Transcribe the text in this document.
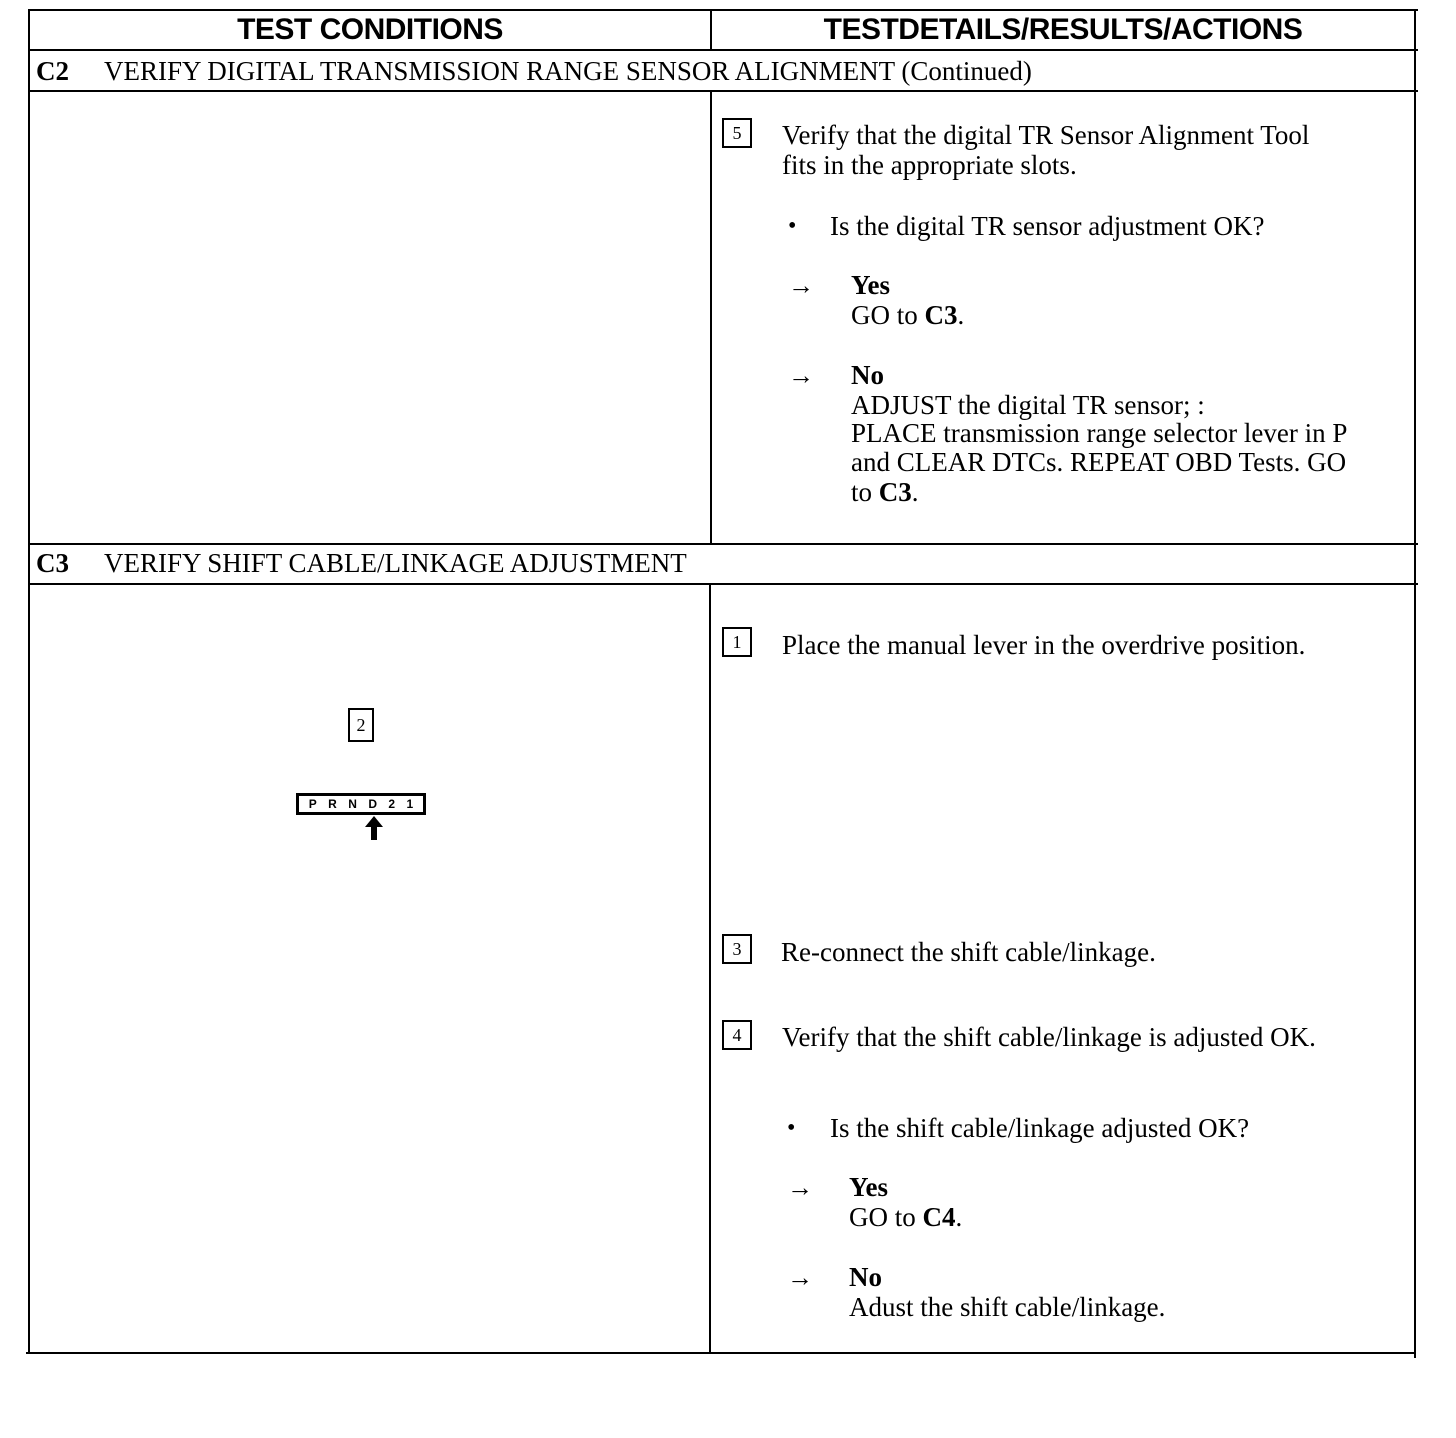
TEST CONDITIONS	TESTDETAILS/RESULTS/ACTIONS
C2 VERIFY DIGITAL TRANSMISSION RANGE SENSOR ALIGNMENT (Continued)
5	Verify that the digital TR Sensor Alignment Tool
fits in the appropriate slots.
• Is the digital TR sensor adjustment OK?
→ Yes
GO to C3.
→ No
ADJUST the digital TR sensor; :
PLACE transmission range selector lever in P
and CLEAR DTCs. REPEAT OBD Tests. GO
to C3.
C3 VERIFY SHIFT CABLE/LINKAGE ADJUSTMENT
2
P R N D 2 1
1	Place the manual lever in the overdrive position.
3	Re-connect the shift cable/linkage.
4	Verify that the shift cable/linkage is adjusted OK.
• Is the shift cable/linkage adjusted OK?
→ Yes
GO to C4.
→ No
Adust the shift cable/linkage.
